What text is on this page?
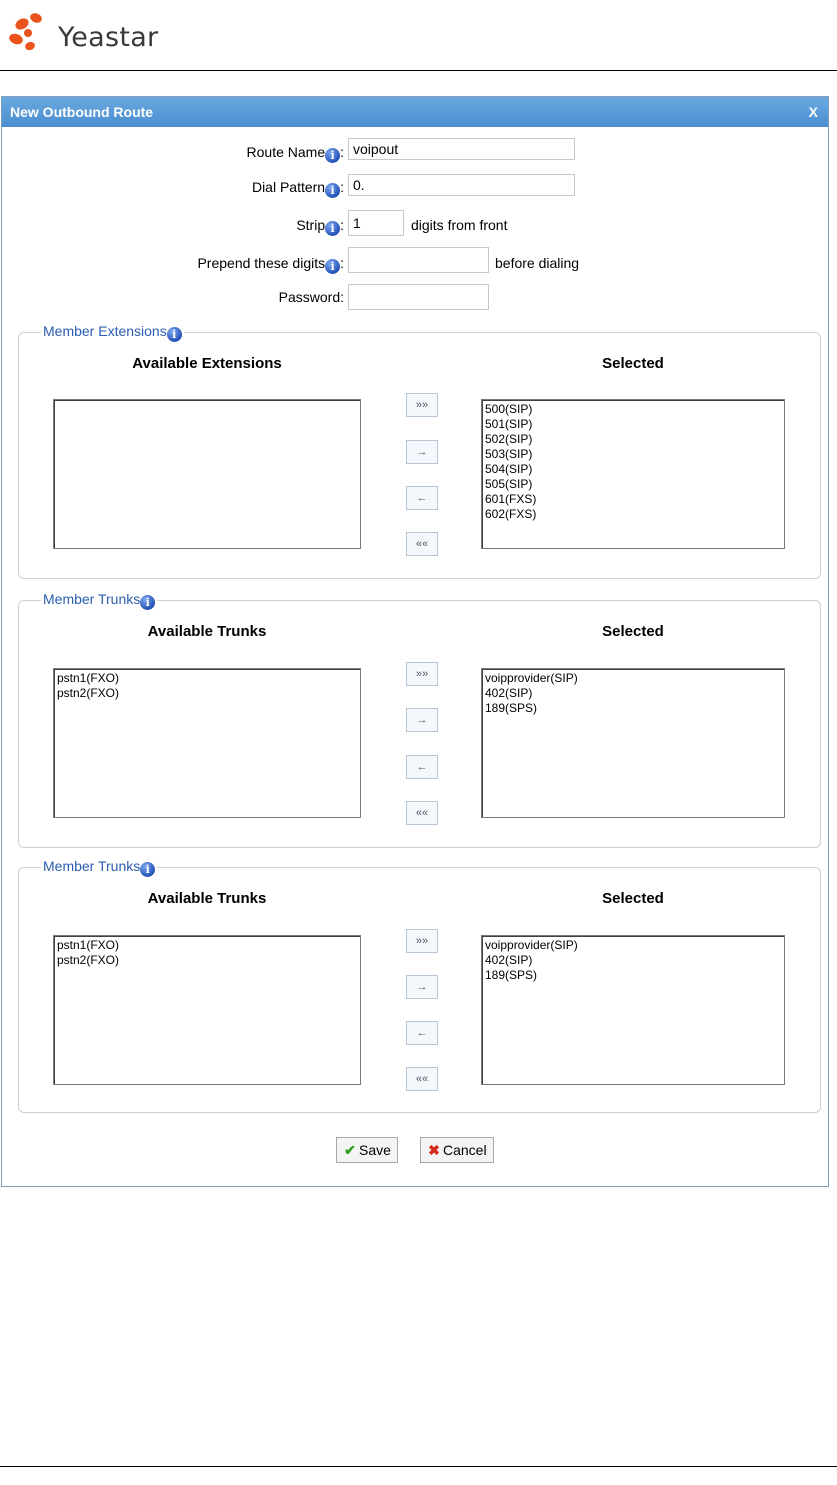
Yeastar
New Outbound Route	X
Route Name i :
voipout
Dial Pattern i :
0.
Strip i :
1	digits from front
Prepend these digits i :	before dialing
Password:
Member Extensions i
Available Extensions	Selected
500(SIP)
501(SIP)
502(SIP)
503(SIP)
504(SIP)
505(SIP)
601(FXS)
602(FXS)
»»
→
←
««
Member Trunks i
Available Trunks	Selected
pstn1(FXO)
pstn2(FXO)
voipprovider(SIP)
402(SIP)
189(SPS)
»»
→
←
««
Member Trunks i
Available Trunks	Selected
pstn1(FXO)
pstn2(FXO)
voipprovider(SIP)
402(SIP)
189(SPS)
»»
→
←
««
✔ Save	✖ Cancel
